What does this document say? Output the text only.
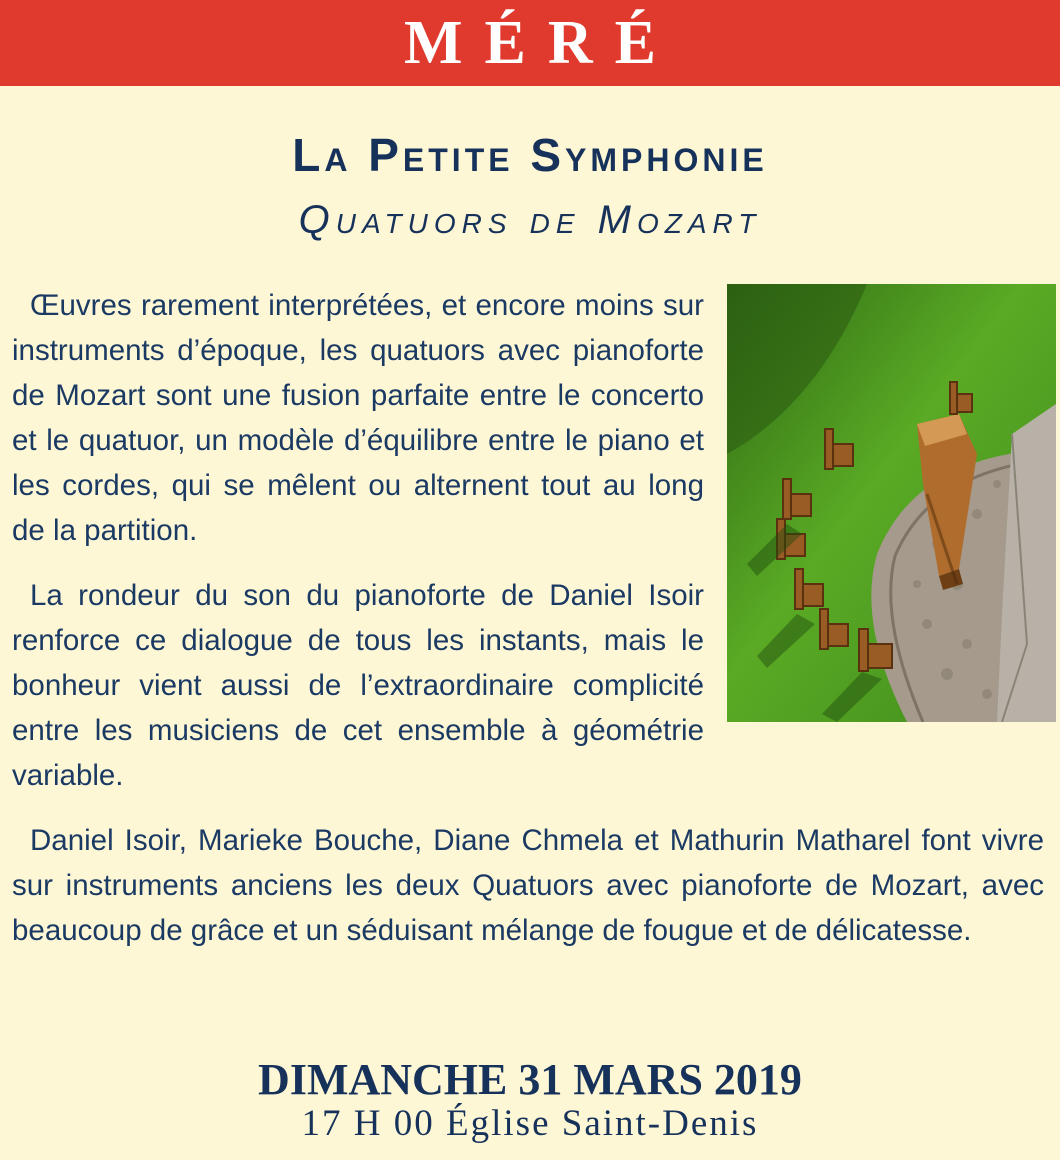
MÉRÉ
La Petite Symphonie
Quatuors de Mozart

Œuvres rarement interprétées, et encore moins sur instruments d’époque, les quatuors avec pianoforte de Mozart sont une fusion parfaite entre le concerto et le quatuor, un modèle d’équilibre entre le piano et les cordes, qui se mêlent ou alternent tout au long de la partition.

La rondeur du son du pianoforte de Daniel Isoir renforce ce dialogue de tous les instants, mais le bonheur vient aussi de l’extraordinaire complicité entre les musiciens de cet ensemble à géométrie variable.

Daniel Isoir, Marieke Bouche, Diane Chmela et Mathurin Matharel font vivre sur instruments anciens les deux Quatuors avec pianoforte de Mozart, avec beaucoup de grâce et un séduisant mélange de fougue et de délicatesse.

DIMANCHE 31 MARS 2019
17 H 00 Église Saint-Denis
